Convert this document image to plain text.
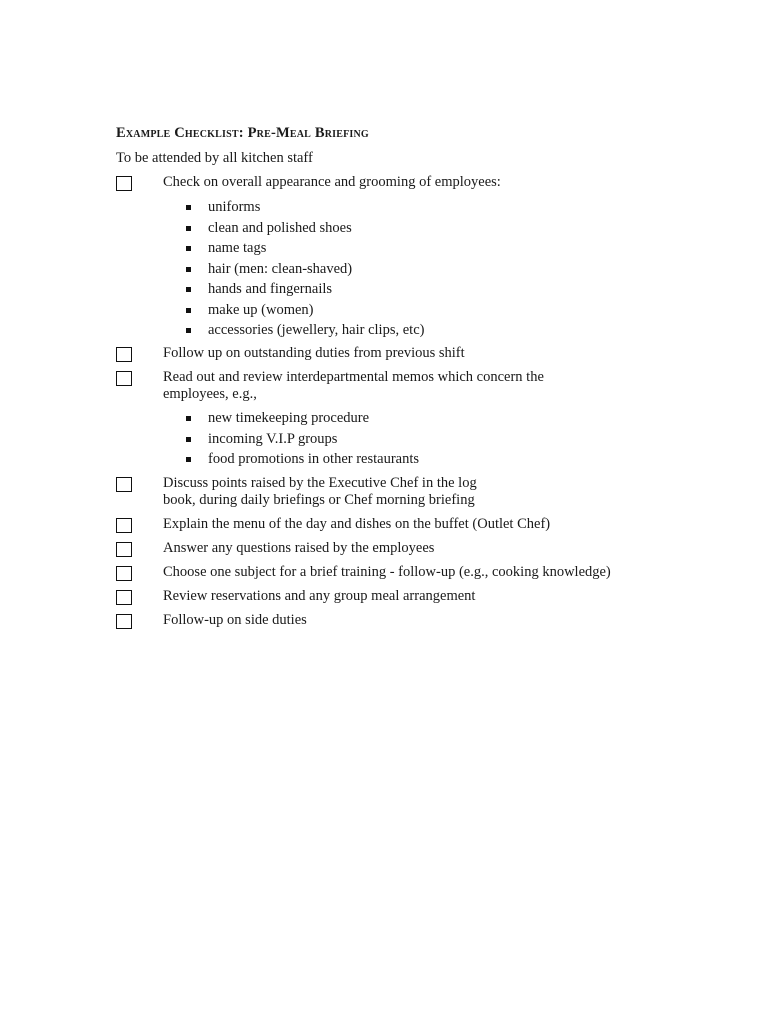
Example Checklist: Pre-Meal Briefing
To be attended by all kitchen staff
Check on overall appearance and grooming of employees:
uniforms
clean and polished shoes
name tags
hair (men: clean-shaved)
hands and fingernails
make up (women)
accessories (jewellery, hair clips, etc)
Follow up on outstanding duties from previous shift
Read out and review interdepartmental memos which concern the
employees, e.g.,
new timekeeping procedure
incoming V.I.P groups
food promotions in other restaurants
Discuss points raised by the Executive Chef in the log
book, during daily briefings or Chef morning briefing
Explain the menu of the day and dishes on the buffet (Outlet Chef)
Answer any questions raised by the employees
Choose one subject for a brief training - follow-up (e.g., cooking knowledge)
Review reservations and any group meal arrangement
Follow-up on side duties
